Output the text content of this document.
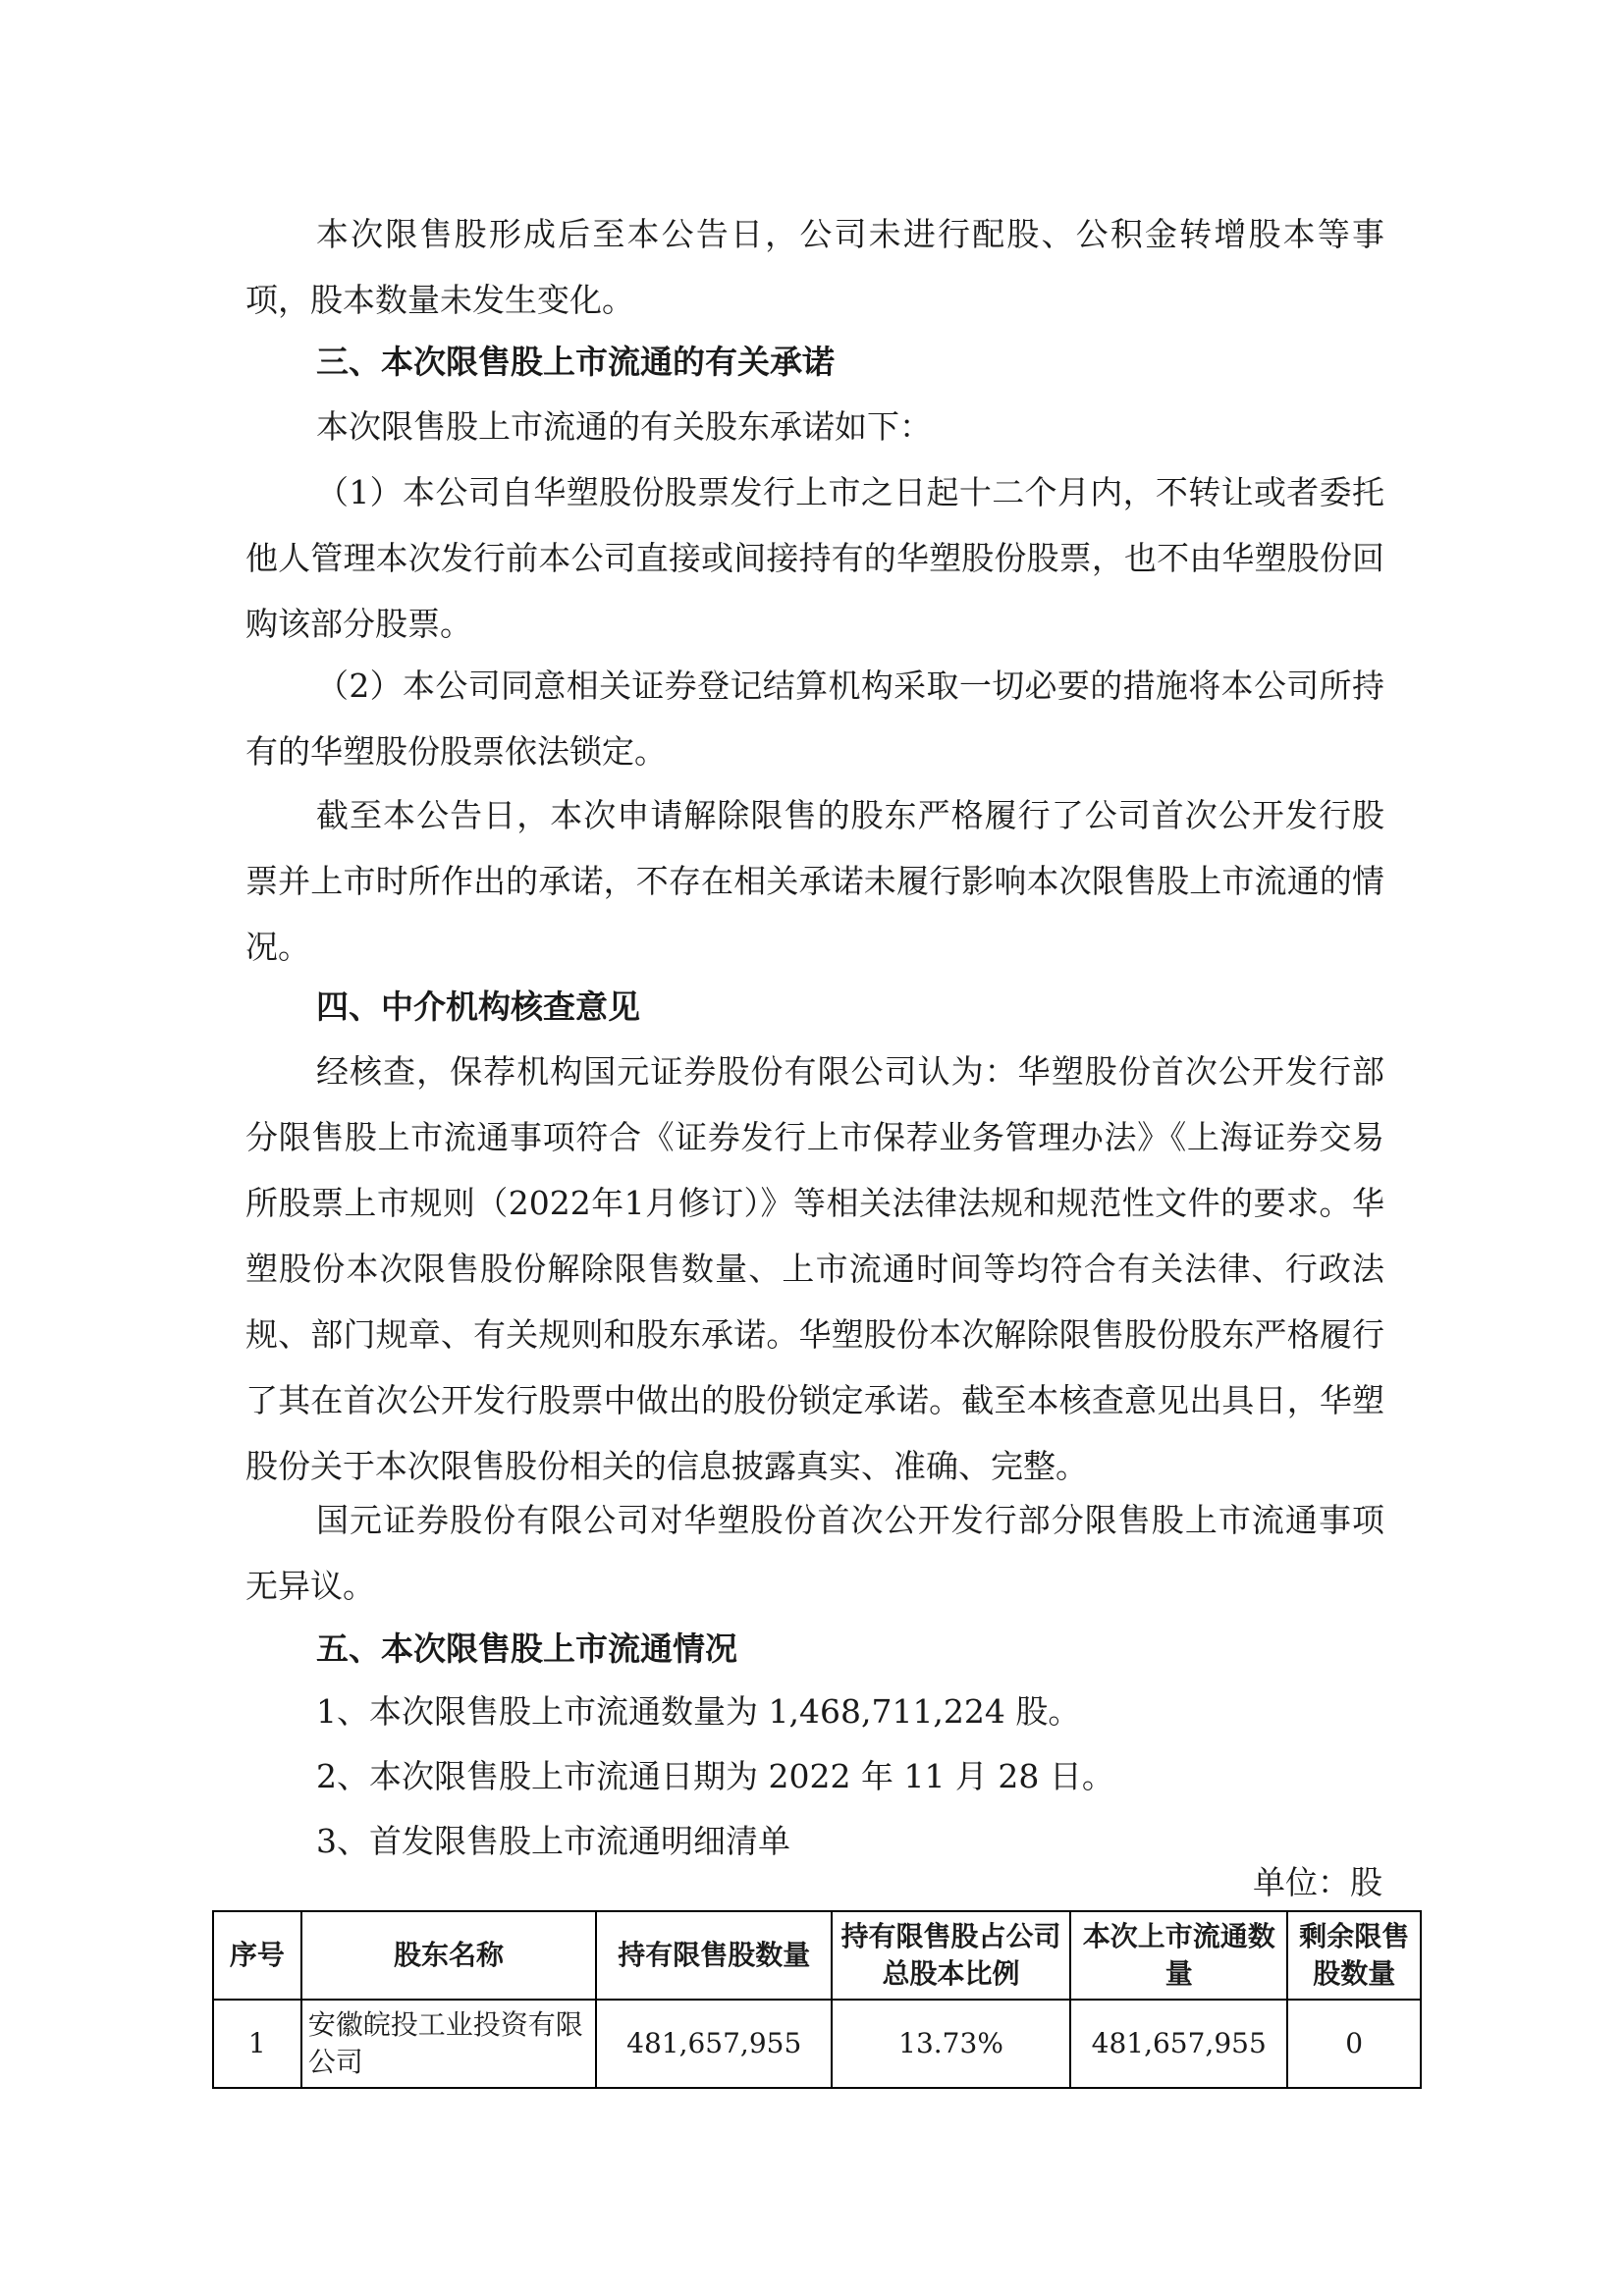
本次限售股形成后至本公告日，公司未进行配股、公积金转增股本等事项，股本数量未发生变化。

三、本次限售股上市流通的有关承诺

本次限售股上市流通的有关股东承诺如下：

（1）本公司自华塑股份股票发行上市之日起十二个月内，不转让或者委托他人管理本次发行前本公司直接或间接持有的华塑股份股票，也不由华塑股份回购该部分股票。

（2）本公司同意相关证券登记结算机构采取一切必要的措施将本公司所持有的华塑股份股票依法锁定。

截至本公告日，本次申请解除限售的股东严格履行了公司首次公开发行股票并上市时所作出的承诺，不存在相关承诺未履行影响本次限售股上市流通的情况。

四、中介机构核查意见

经核查，保荐机构国元证券股份有限公司认为：华塑股份首次公开发行部分限售股上市流通事项符合《证券发行上市保荐业务管理办法》《上海证券交易所股票上市规则（2022年1月修订）》等相关法律法规和规范性文件的要求。华塑股份本次限售股份解除限售数量、上市流通时间等均符合有关法律、行政法规、部门规章、有关规则和股东承诺。华塑股份本次解除限售股份股东严格履行了其在首次公开发行股票中做出的股份锁定承诺。截至本核查意见出具日，华塑股份关于本次限售股份相关的信息披露真实、准确、完整。

国元证券股份有限公司对华塑股份首次公开发行部分限售股上市流通事项无异议。

五、本次限售股上市流通情况

1、本次限售股上市流通数量为 1,468,711,224 股。

2、本次限售股上市流通日期为 2022 年 11 月 28 日。

3、首发限售股上市流通明细清单

单位：股

序号	股东名称	持有限售股数量	持有限售股占公司总股本比例	本次上市流通数量	剩余限售股数量
1	安徽皖投工业投资有限公司	481,657,955	13.73%	481,657,955	0
